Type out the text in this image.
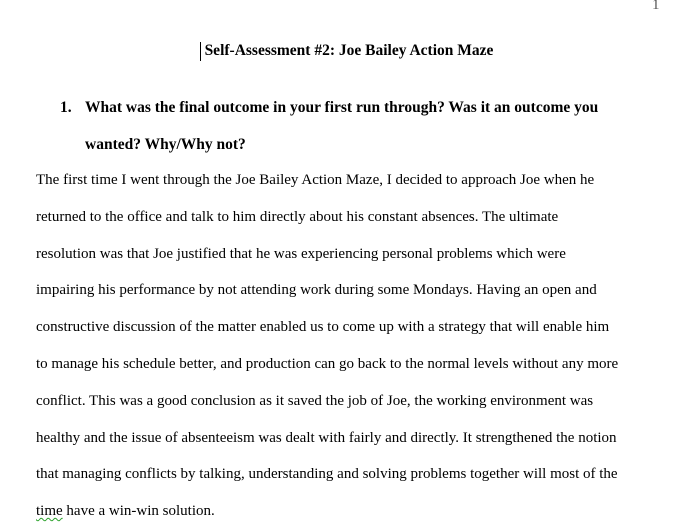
1
Self-Assessment #2: Joe Bailey Action Maze
1. What was the final outcome in your first run through? Was it an outcome you
wanted? Why/Why not?
The first time I went through the Joe Bailey Action Maze, I decided to approach Joe when he
returned to the office and talk to him directly about his constant absences. The ultimate
resolution was that Joe justified that he was experiencing personal problems which were
impairing his performance by not attending work during some Mondays. Having an open and
constructive discussion of the matter enabled us to come up with a strategy that will enable him
to manage his schedule better, and production can go back to the normal levels without any more
conflict. This was a good conclusion as it saved the job of Joe, the working environment was
healthy and the issue of absenteeism was dealt with fairly and directly. It strengthened the notion
that managing conflicts by talking, understanding and solving problems together will most of the
time have a win-win solution.
